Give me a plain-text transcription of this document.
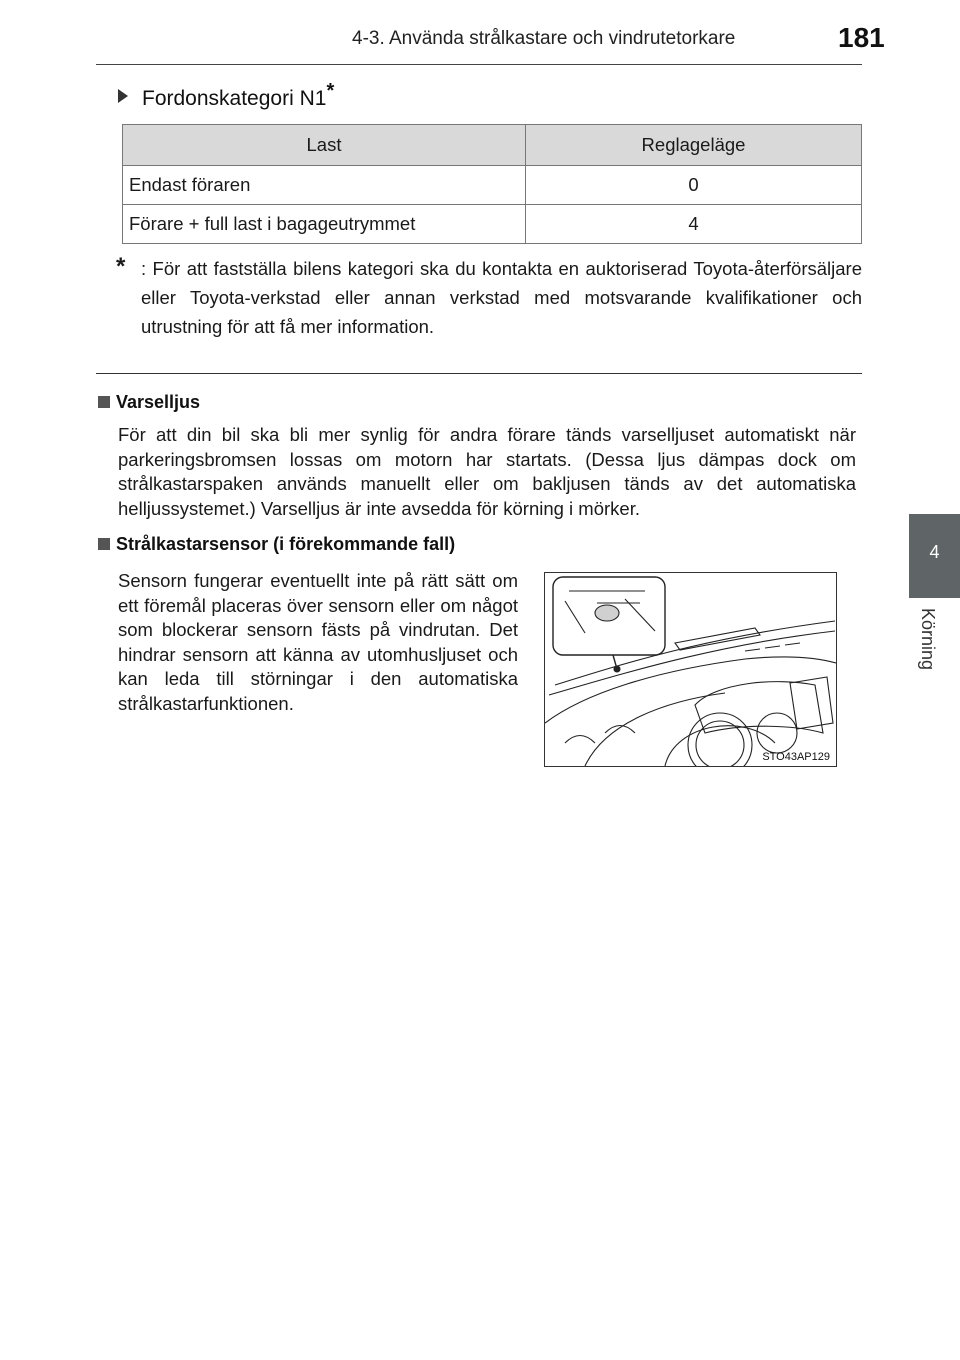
4-3. Använda strålkastare och vindrutetorkare	181
4
Körning
Fordonskategori N1*
Last	Reglageläge
Endast föraren	0
Förare + full last i bagageutrymmet	4
* : För att fastställa bilens kategori ska du kontakta en auktoriserad Toyota-återförsäljare eller Toyota-verkstad eller annan verkstad med motsvarande kvalifikationer och utrustning för att få mer information.
Varselljus
För att din bil ska bli mer synlig för andra förare tänds varselljuset automatiskt när parkeringsbromsen lossas om motorn har startats. (Dessa ljus dämpas dock om strålkastarspaken används manuellt eller om bakljusen tänds av det automatiska helljussystemet.) Varselljus är inte avsedda för körning i mörker.
Strålkastarsensor (i förekommande fall)
Sensorn fungerar eventuellt inte på rätt sätt om ett föremål placeras över sensorn eller om något som blockerar sensorn fästs på vindrutan. Det hindrar sensorn att känna av utomhusljuset och kan leda till störningar i den automatiska strålkastarfunktionen.
STO43AP129
